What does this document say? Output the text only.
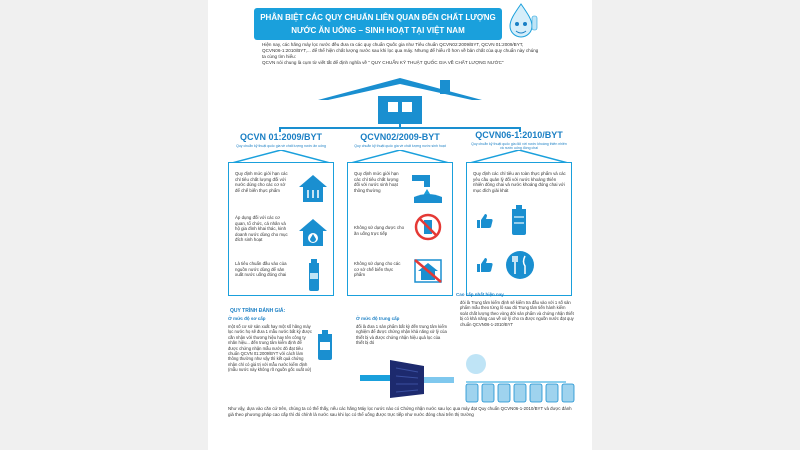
PHÂN BIỆT CÁC QUY CHUẨN LIÊN QUAN ĐẾN CHẤT LƯỢNG
NƯỚC ĂN UỐNG – SINH HOẠT TẠI VIỆT NAM

Hiện nay, các hãng máy lọc nước đều đưa ra các quy chuẩn Quốc gia như Tiêu chuẩn QCVN02:2009/BYT, QCVN 01:2009/BYT, QCVN06-1:2010/BYT,... để thể hiện chất lượng nước sau khi lọc qua máy. Nhưng để hiểu rõ hơn về bản chất của quy chuẩn này chúng ta cùng tìm hiểu:

QCVN nói chung là cụm từ viết tắt để định nghĩa về " QUY CHUẨN KỸ THUẬT QUỐC GIA VỀ CHẤT LƯỢNG NƯỚC"

QCVN 01:2009/BYT
Quy chuẩn kỹ thuật quốc gia về chất lượng nước ăn uống
Quy định mức giới hạn các chỉ tiêu chất lượng đối với nước dùng cho các cơ sở để chế biến thực phẩm
Áp dụng đối với các cơ quan, tổ chức, cá nhân và hộ gia đình khai thác, kinh doanh nước dùng cho mục đích sinh hoạt
Là tiêu chuẩn đầu vào của nguồn nước dùng để sản xuất nước uống đóng chai
QCVN02/2009-BYT
Quy chuẩn kỹ thuật quốc gia về chất lượng nước sinh hoạt
Quy định mức giới hạn các chỉ tiêu chất lượng đối với nước sinh hoạt thông thường
Không sử dụng được cho ăn uống trực tiếp
Không sử dụng cho các cơ sở chế biến thực phẩm
QCVN06-1:2010/BYT
Quy chuẩn kỹ thuật quốc gia đối với nước khoáng thiên nhiên và nước uống đóng chai
Quy định các chỉ tiêu an toàn thực phẩm và các yêu cầu quản lý đối với nước khoáng thiên nhiên đóng chai và nước khoáng đóng chai với mục đích giải khát
QUY TRÌNH ĐÁNH GIÁ:
Ở mức độ sơ cấp
một số cơ sở sản xuất hay một số hãng máy lọc nước họ sẽ đưa 1 mẫu nước bất kỳ được cắn nhận với thương hiệu hay tên công ty nhãn hiệu... đến trung tâm kiểm định để được chứng nhận mẫu nước đó đạt tiêu chuẩn QCVN 01:2009/BYT với cách làm thông thường như vậy thì kết quả chứng nhận chỉ có giá trị với mẫu nước kiểm định (mẫu nước này không rõ nguồn gốc xuất xứ)
Ở mức độ trung cấp
đối là đưa 1 sản phẩm bất kỳ đến trung tâm kiểm nghiệm để được chứng nhận khả năng xử lý của thiết bị và được chứng nhận hiệu quả lọc của thiết bị đó
Cao cấp nhất hiện nay
đòi là Trung tâm kiểm định sẽ kiểm tra đầu vào với 1 số sản phẩm mẫu theo từng lô sau đó Trung tâm tiến hành kiểm soát chất lượng theo vòng đời sản phẩm và chứng nhận thiết bị có khả năng cao về xử lý cho ra được nguồn nước đạt quy chuẩn QCVN06-1-2010/BYT
Như vậy, dựa vào căn cứ trên, chúng ta có thể thấy, nếu các hãng Máy lọc nước nào có Chứng nhận nước sau lọc qua máy đạt Quy chuẩn QCVN06-1-2010/BYT và được đánh giá theo phương pháp cao cấp thì đó chính là nước sau khi lọc có thể uống được trực tiếp như nước đóng chai trên thị trường
